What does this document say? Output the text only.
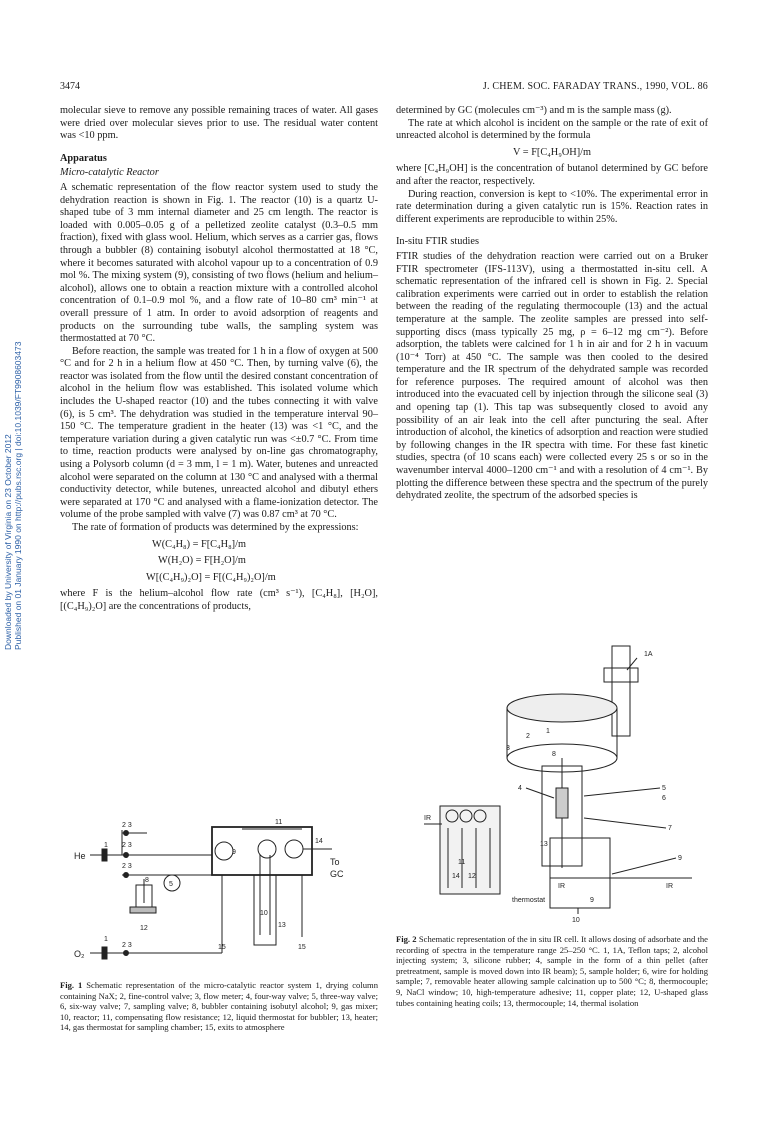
3474	J. CHEM. SOC. FARADAY TRANS., 1990, VOL. 86
Downloaded by University of Virginia on 23 October 2012 Published on 01 January 1990 on http://pubs.rsc.org | doi:10.1039/FT9908603473

molecular sieve to remove any possible remaining traces of water. All gases were dried over molecular sieves prior to use. The residual water content was <10 ppm.

Apparatus
Micro-catalytic Reactor

A schematic representation of the flow reactor system used to study the dehydration reaction is shown in Fig. 1. The reactor (10) is a quartz U-shaped tube of 3 mm internal diameter and 25 cm length. The reactor is loaded with 0.005–0.05 g of a pelletized zeolite catalyst (0.3–0.5 mm fraction), fixed with glass wool. Helium, which serves as a carrier gas, flows through a bubbler (8) containing isobutyl alcohol thermostatted at 18 °C, where it becomes saturated with alcohol vapour up to a concentration of 0.9 mol %. The mixing system (9), consisting of two flows (helium and helium–alcohol), allows one to obtain a reaction mixture with a controlled alcohol concentration of 0.1–0.9 mol %, and a flow rate of 10–80 cm³ min⁻¹ at overall pressure of 1 atm. In order to avoid adsorption of reagents and products on the surrounding tube walls, the sampling system was thermostatted at 70 °C.

Before reaction, the sample was treated for 1 h in a flow of oxygen at 500 °C and for 2 h in a helium flow at 450 °C. Then, by turning valve (6), the reactor was isolated from the flow until the desired constant concentration of alcohol in the helium flow was established. This isolated volume which includes the U-shaped reactor (10) and the tubes connecting it with valve (6), is 5 cm³. The dehydration was studied in the temperature interval 90–150 °C. The temperature gradient in the heater (13) was <1 °C, and the temperature variation during a given catalytic run was <±0.7 °C. From time to time, reaction products were analysed by on-line gas chromatography, using a Polysorb column (d = 3 mm, l = 1 m). Water, butenes and unreacted alcohol were separated on the column at 130 °C and analysed with a thermal conductivity detector, while butenes, unreacted alcohol and dibutyl ethers were separated at 170 °C and analysed with a flame-ionization detector. The volume of the probe sampled with valve (7) was 0.87 cm³ at 70 °C.

The rate of formation of products was determined by the expressions:

W(C₄H₈) = F[C₄H₈]/m
W(H₂O) = F[H₂O]/m
W[(C₄H₉)₂O] = F[(C₄H₉)₂O]/m

where F is the helium–alcohol flow rate (cm³ s⁻¹), [C₄H₈], [H₂O], [(C₄H₉)₂O] are the concentrations of products,

determined by GC (molecules cm⁻³) and m is the sample mass (g).

The rate at which alcohol is incident on the sample or the rate of exit of unreacted alcohol is determined by the formula

V = F[C₄H₉OH]/m

where [C₄H₉OH] is the concentration of butanol determined by GC before and after the reactor, respectively.

During reaction, conversion is kept to <10%. The experimental error in rate determination during a given catalytic run is 15%. Reaction rates in different experiments are reproducible to within 25%.

In-situ FTIR studies

FTIR studies of the dehydration reaction were carried out on a Bruker FTIR spectrometer (IFS-113V), using a thermostatted in-situ cell. A schematic representation of the infrared cell is shown in Fig. 2. Special calibration experiments were carried out in order to establish the relation between the reading of the regulating thermocouple (13) and the actual temperature at the sample. The zeolite samples are pressed into self-supporting discs (mass typically 25 mg, ρ = 6–12 mg cm⁻²). Before adsorption, the tablets were calcined for 1 h in air and for 2 h in vacuum (10⁻⁴ Torr) at 450 °C. The sample was then cooled to the desired temperature and the IR spectrum of the dehydrated sample was recorded for reference purposes. The required amount of alcohol was then introduced into the evacuated cell by injection through the silicone seal (3) and opening tap (1). This tap was subsequently closed to avoid any possibility of an air leak into the cell after puncturing the seal. After introduction of alcohol, the kinetics of adsorption and reaction were studied by following changes in the IR spectra with time. For these fast kinetic studies, spectra (of 10 scans each) were collected every 25 s or so in the wavenumber interval 4000–1200 cm⁻¹ and with a resolution of 4 cm⁻¹. By plotting the difference between these spectra and the spectrum of the purely dehydrated zeolite, the spectrum of the adsorbed species is

He
1
2 3
2 3
2 3
14
11
9
To
GC
5
8
12
10
13
15	15
O₂
1
2 3
Fig. 1 Schematic representation of the micro-catalytic reactor system 1, drying column containing NaX; 2, fine-control valve; 3, flow meter; 4, four-way valve; 5, three-way valve; 6, six-way valve; 7, sampling valve; 8, bubbler containing isobutyl alcohol; 9, gas mixer; 10, reactor; 11, compensating flow resistance; 12, liquid thermostat for bubbler; 13, heater; 14, gas thermostat for sampling chamber; 15, exits to atmosphere
1A
2
1
3
8
4	5
6
7
IR
11
14 12
13
IR	IR
9
thermostat	9
10
Fig. 2 Schematic representation of the in situ IR cell. It allows dosing of adsorbate and the recording of spectra in the temperature range 25–250 °C. 1, 1A, Teflon taps; 2, alcohol injecting system; 3, silicone rubber; 4, sample in the form of a thin pellet (after pretreatment, sample is moved down into IR beam); 5, sample holder; 6, wire for holding sample; 7, removable heater allowing sample calcination up to 500 °C; 8, thermocouple; 9, NaCl window; 10, high-temperature adhesive; 11, copper plate; 12, U-shaped glass tubes containing heating coils; 13, thermocouple; 14, thermal isolation
